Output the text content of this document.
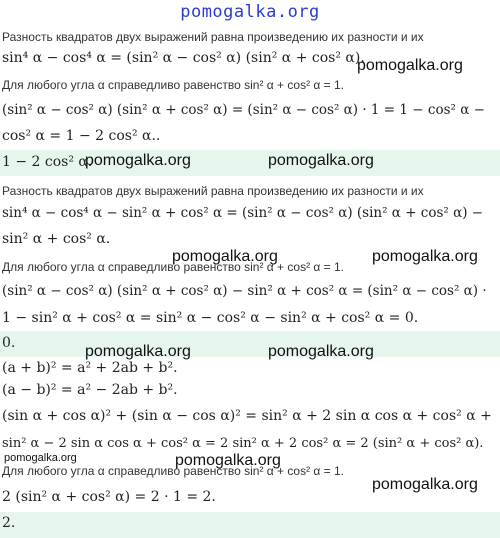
pomogalka.org
Разность квадратов двух выражений равна произведению их разности и их
sin⁴ α − cos⁴ α = (sin² α − cos² α) (sin² α + cos² α).
Для любого угла α справедливо равенство sin² α + cos² α = 1.
(sin² α − cos² α) (sin² α + cos² α) = (sin² α − cos² α) · 1 = 1 − cos² α −
cos² α = 1 − 2 cos² α..
1 − 2 cos² α.
Разность квадратов двух выражений равна произведению их разности и их
sin⁴ α − cos⁴ α − sin² α + cos² α = (sin² α − cos² α) (sin² α + cos² α) −
sin² α + cos² α.
Для любого угла α справедливо равенство sin² α + cos² α = 1.
(sin² α − cos² α) (sin² α + cos² α) − sin² α + cos² α = (sin² α − cos² α) ·
1 − sin² α + cos² α = sin² α − cos² α − sin² α + cos² α = 0.
0.
(a + b)² = a² + 2ab + b².
(a − b)² = a² − 2ab + b².
(sin α + cos α)² + (sin α − cos α)² = sin² α + 2 sin α cos α + cos² α +
sin² α − 2 sin α cos α + cos² α = 2 sin² α + 2 cos² α = 2 (sin² α + cos² α).
Для любого угла α справедливо равенство sin² α + cos² α = 1.
2 (sin² α + cos² α) = 2 · 1 = 2.
2.
pomogalka.org
pomogalka.org	pomogalka.org
pomogalka.org	pomogalka.org
pomogalka.org	pomogalka.org
pomogalka.org	pomogalka.org
pomogalka.org
